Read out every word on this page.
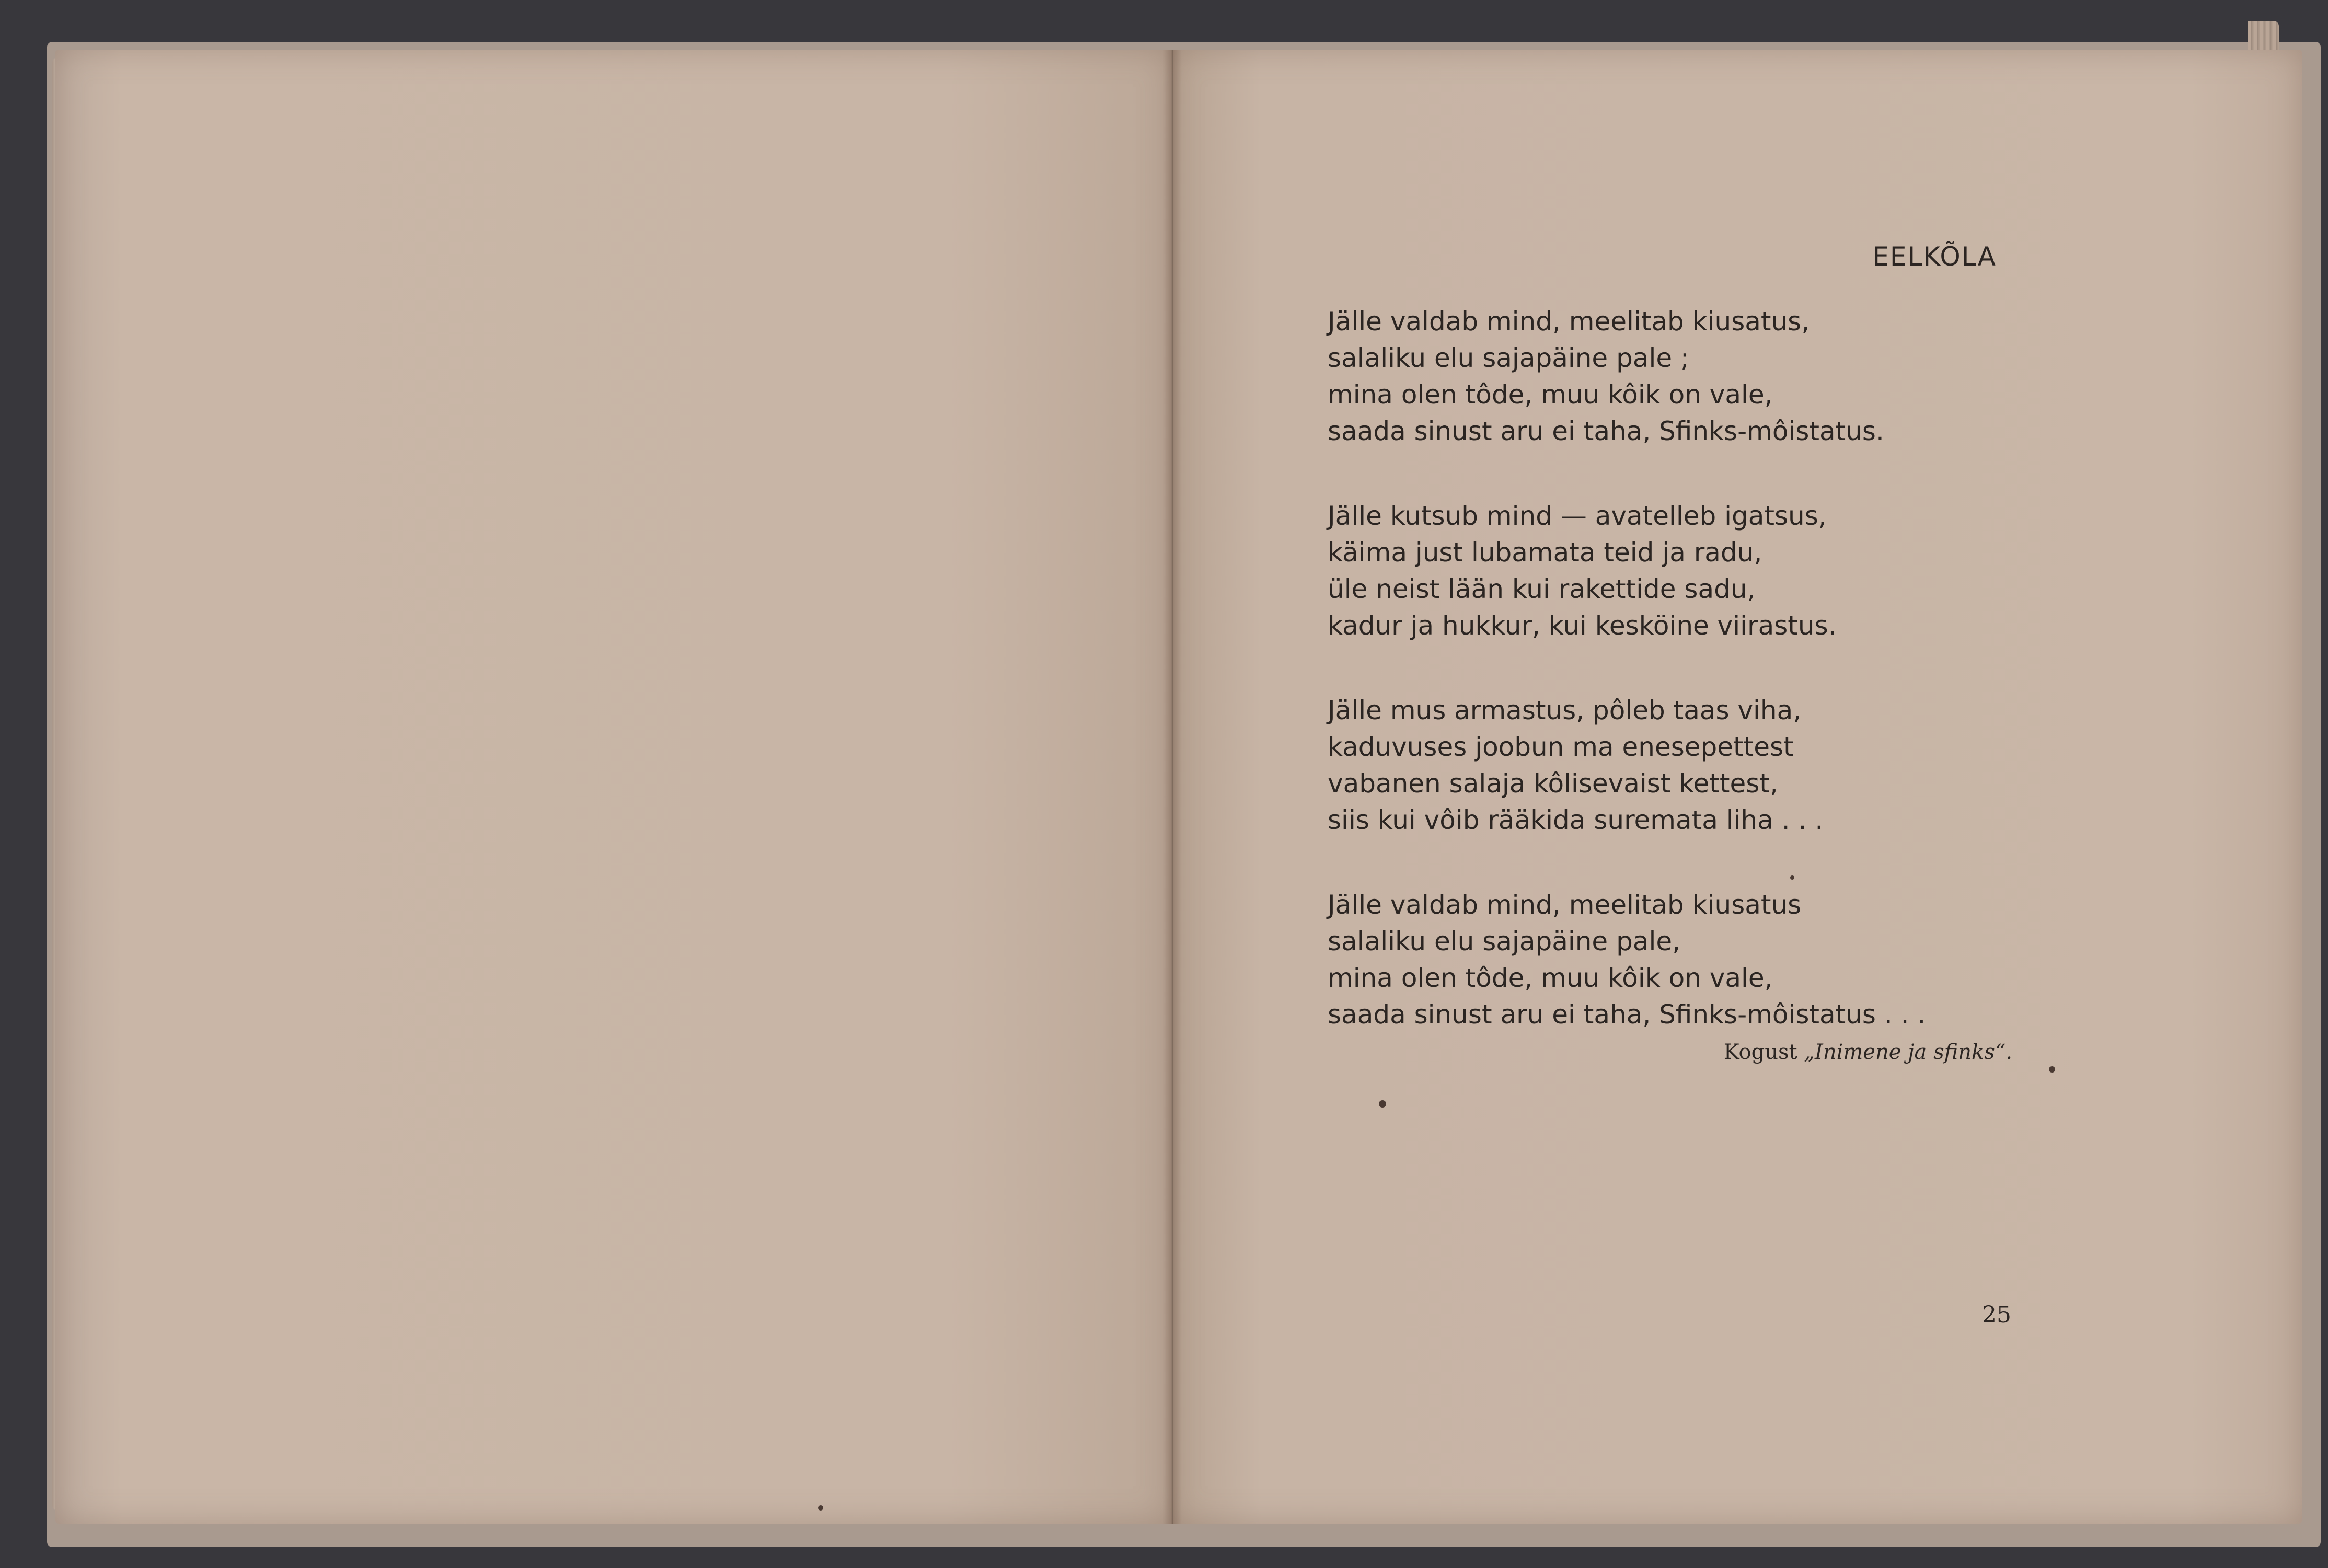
EELKÕLA
Jälle valdab mind, meelitab kiusatus,
salaliku elu sajapäine pale ;
mina olen tôde, muu kôik on vale,
saada sinust aru ei taha, Sfinks-môistatus.
Jälle kutsub mind — avatelleb igatsus,
käima just lubamata teid ja radu,
üle neist lään kui rakettide sadu,
kadur ja hukkur, kui kesköine viirastus.
Jälle mus armastus, pôleb taas viha,
kaduvuses joobun ma enesepettest
vabanen salaja kôlisevaist kettest,
siis kui vôib rääkida suremata liha . . .
Jälle valdab mind, meelitab kiusatus
salaliku elu sajapäine pale,
mina olen tôde, muu kôik on vale,
saada sinust aru ei taha, Sfinks-môistatus . . .
Kogust „Inimene ja sfinks“.
25
